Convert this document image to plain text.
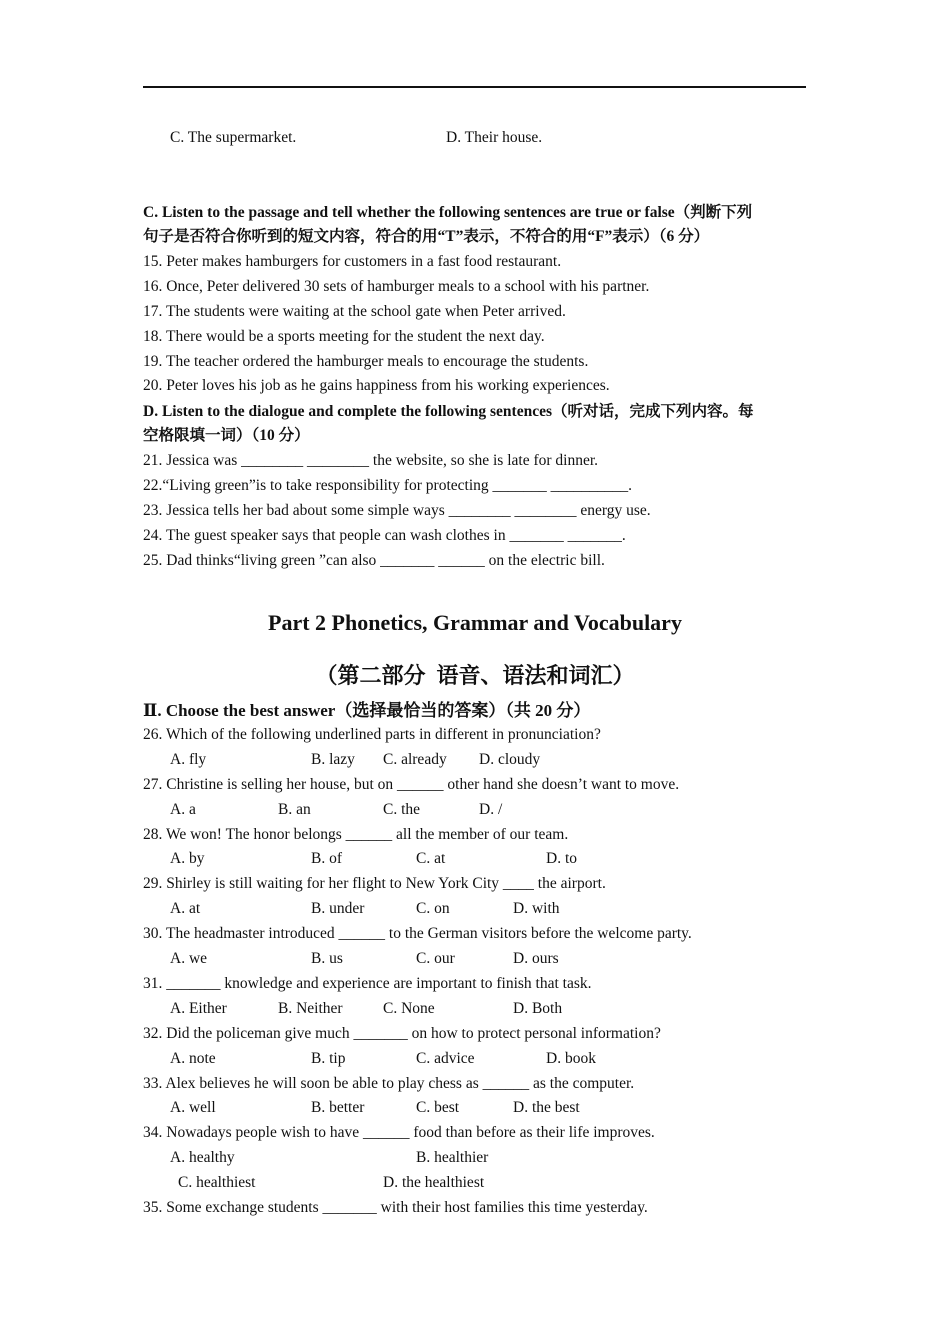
C. The supermarket.	D. Their house.
C. Listen to the passage and tell whether the following sentences are true or false（判断下列
句子是否符合你听到的短文内容，符合的用“T”表示，不符合的用“F”表示）（6 分）
15. Peter makes hamburgers for customers in a fast food restaurant.
16. Once, Peter delivered 30 sets of hamburger meals to a school with his partner.
17. The students were waiting at the school gate when Peter arrived.
18. There would be a sports meeting for the student the next day.
19. The teacher ordered the hamburger meals to encourage the students.
20. Peter loves his job as he gains happiness from his working experiences.
D. Listen to the dialogue and complete the following sentences（听对话，完成下列内容。每
空格限填一词）（10 分）
21. Jessica was ________ ________ the website, so she is late for dinner.
22.“Living green”is to take responsibility for protecting _______ __________.
23. Jessica tells her bad about some simple ways ________ ________ energy use.
24. The guest speaker says that people can wash clothes in _______ _______.
25. Dad thinks“living green ”can also _______ ______ on the electric bill.
Part 2 Phonetics, Grammar and Vocabulary
（第二部分  语音、语法和词汇）
Ⅱ. Choose the best answer（选择最恰当的答案）（共 20 分）
26. Which of the following underlined parts in different in pronunciation?
A. fly	B. lazy C. already D. cloudy
27. Christine is selling her house, but on ______ other hand she doesn’t want to move.
A. a	B. an	C. the	D. /
28. We won! The honor belongs ______ all the member of our team.
A. by	B. of	C. at	D. to
29. Shirley is still waiting for her flight to New York City ____ the airport.
A. at	B. under	C. on	D. with
30. The headmaster introduced ______ to the German visitors before the welcome party.
A. we	B. us	C. our	D. ours
31. _______ knowledge and experience are important to finish that task.
A. Either	B. Neither	C. None	D. Both
32. Did the policeman give much _______ on how to protect personal information?
A. note	B. tip	C. advice	D. book
33. Alex believes he will soon be able to play chess as ______ as the computer.
A. well	B. better	C. best	D. the best
34. Nowadays people wish to have ______ food than before as their life improves.
A. healthy	B. healthier
C. healthiest	D. the healthiest
35. Some exchange students _______ with their host families this time yesterday.
